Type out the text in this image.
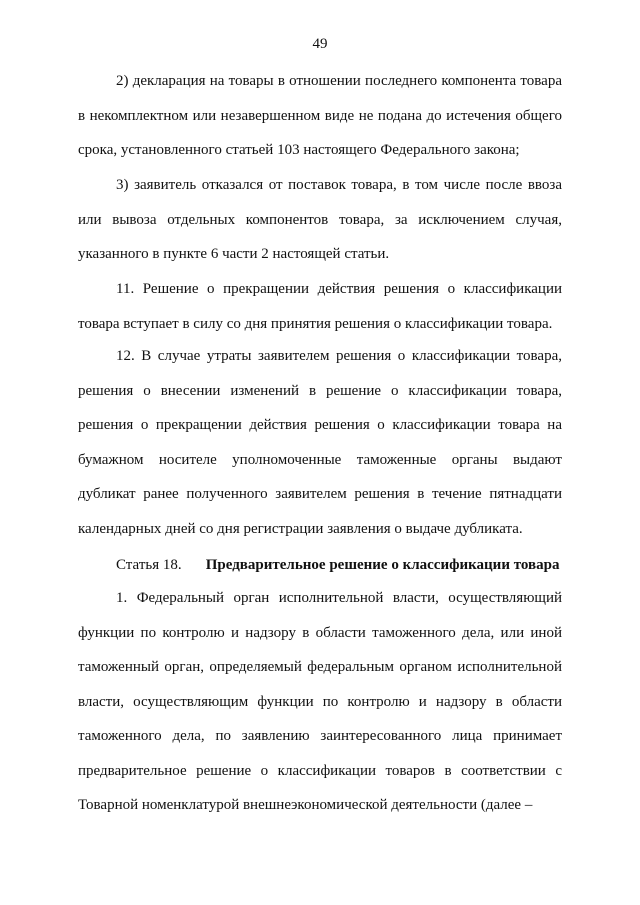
49

2) декларация на товары в отношении последнего компонента товара в некомплектном или незавершенном виде не подана до истечения общего срока, установленного статьей 103 настоящего Федерального закона;

3) заявитель отказался от поставок товара, в том числе после ввоза или вывоза отдельных компонентов товара, за исключением случая, указанного в пункте 6 части 2 настоящей статьи.

11. Решение о прекращении действия решения о классификации товара вступает в силу со дня принятия решения о классификации товара.

12. В случае утраты заявителем решения о классификации товара, решения о внесении изменений в решение о классификации товара, решения о прекращении действия решения о классификации товара на бумажном носителе уполномоченные таможенные органы выдают дубликат ранее полученного заявителем решения в течение пятнадцати календарных дней со дня регистрации заявления о выдаче дубликата.

Статья 18. Предварительное решение о классификации товара

1. Федеральный орган исполнительной власти, осуществляющий функции по контролю и надзору в области таможенного дела, или иной таможенный орган, определяемый федеральным органом исполнительной власти, осуществляющим функции по контролю и надзору в области таможенного дела, по заявлению заинтересованного лица принимает предварительное решение о классификации товаров в соответствии с Товарной номенклатурой внешнеэкономической деятельности (далее –
